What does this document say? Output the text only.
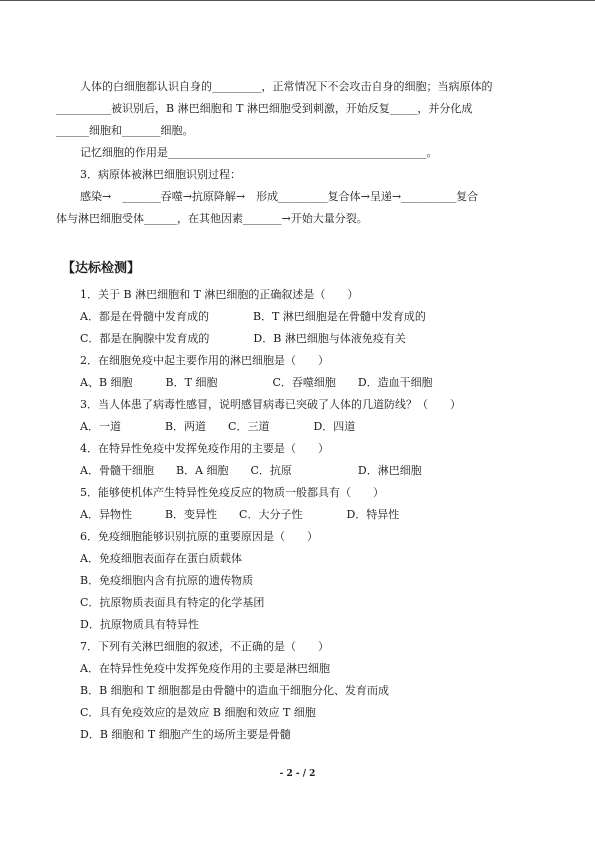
人体的白细胞都认识自身的_________，正常情况下不会攻击自身的细胞；当病原体的
__________被识别后，B 淋巴细胞和 T 淋巴细胞受到刺激，开始反复_____，并分化成
______细胞和_______细胞。
记忆细胞的作用是_______________________________________________。
3．病原体被淋巴细胞识别过程：
感染→　_______吞噬→抗原降解→　形成_________复合体→呈递→__________复合
体与淋巴细胞受体______，在其他因素_______→开始大量分裂。
【达标检测】
1．关于 B 淋巴细胞和 T 淋巴细胞的正确叙述是（　　）
A．都是在骨髓中发育成的　　　　B．T 淋巴细胞是在骨髓中发育成的
C．都是在胸腺中发育成的　　　　D．B 淋巴细胞与体液免疫有关
2．在细胞免疫中起主要作用的淋巴细胞是（　　）
A、B 细胞　　　B．T 细胞　　　　　C．吞噬细胞　　D．造血干细胞
3．当人体患了病毒性感冒，说明感冒病毒已突破了人体的几道防线？（　　）
A．一道　　　　B．两道　　C．三道　　　　D．四道
4．在特异性免疫中发挥免疫作用的主要是（　　）
A．骨髓干细胞　　B．A 细胞　　C．抗原　　　　　　D．淋巴细胞
5．能够使机体产生特异性免疫反应的物质一般都具有（　　）
A．异物性　　　B．变异性　　C．大分子性　　　　D．特异性
6．免疫细胞能够识别抗原的重要原因是（　　）
A．免疫细胞表面存在蛋白质载体
B．免疫细胞内含有抗原的遗传物质
C．抗原物质表面具有特定的化学基团
D．抗原物质具有特异性
7．下列有关淋巴细胞的叙述，不正确的是（　　）
A．在特异性免疫中发挥免疫作用的主要是淋巴细胞
B．B 细胞和 T 细胞都是由骨髓中的造血干细胞分化、发育而成
C．具有免疫效应的是效应 B 细胞和效应 T 细胞
D．B 细胞和 T 细胞产生的场所主要是骨髓
- 2 - / 2
